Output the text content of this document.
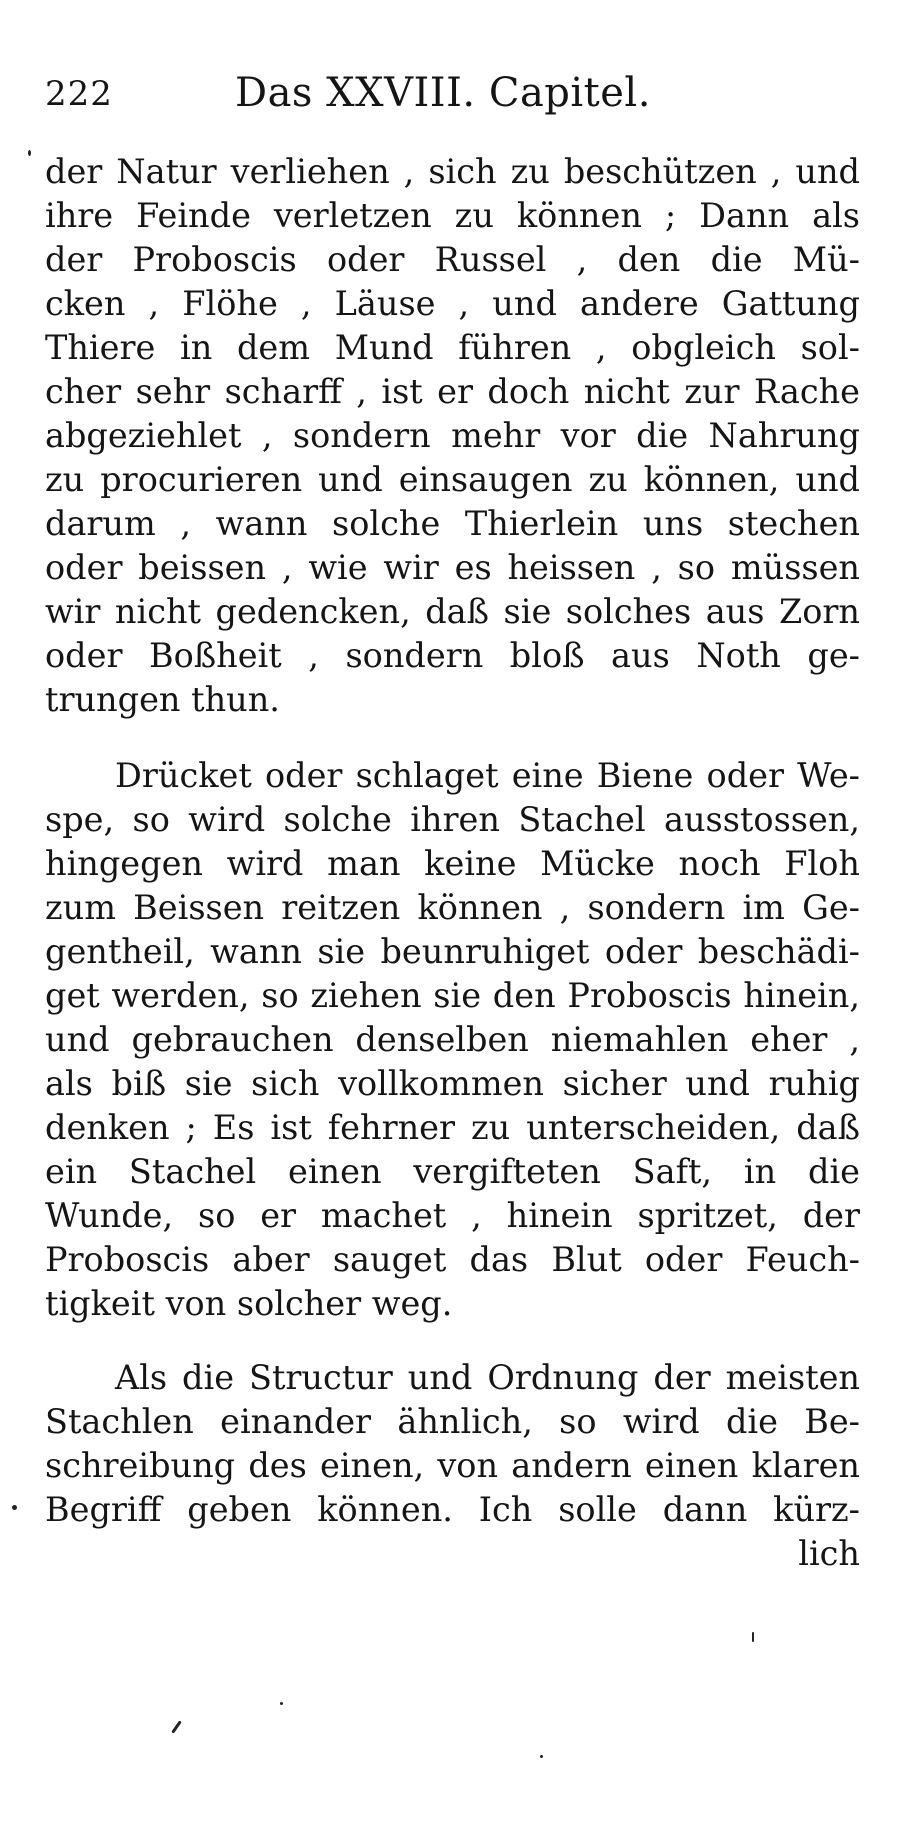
222	Das XXVIII. Capitel.
der Natur verliehen , sich zu beschützen , und
ihre Feinde verletzen zu können ; Dann als
der Proboscis oder Russel , den die Mü-
cken , Flöhe , Läuse , und andere Gattung
Thiere in dem Mund führen , obgleich sol-
cher sehr scharff , ist er doch nicht zur Rache
abgeziehlet , sondern mehr vor die Nahrung
zu procurieren und einsaugen zu können, und
darum , wann solche Thierlein uns stechen
oder beissen , wie wir es heissen , so müssen
wir nicht gedencken, daß sie solches aus Zorn
oder Boßheit , sondern bloß aus Noth ge-
trungen thun.
Drücket oder schlaget eine Biene oder We-
spe, so wird solche ihren Stachel ausstossen,
hingegen wird man keine Mücke noch Floh
zum Beissen reitzen können , sondern im Ge-
gentheil, wann sie beunruhiget oder beschädi-
get werden, so ziehen sie den Proboscis hinein,
und gebrauchen denselben niemahlen eher ,
als biß sie sich vollkommen sicher und ruhig
denken ; Es ist fehrner zu unterscheiden, daß
ein Stachel einen vergifteten Saft, in die
Wunde, so er machet , hinein spritzet, der
Proboscis aber sauget das Blut oder Feuch-
tigkeit von solcher weg.
Als die Structur und Ordnung der meisten
Stachlen einander ähnlich, so wird die Be-
schreibung des einen, von andern einen klaren
Begriff geben können. Ich solle dann kürz-
lich
